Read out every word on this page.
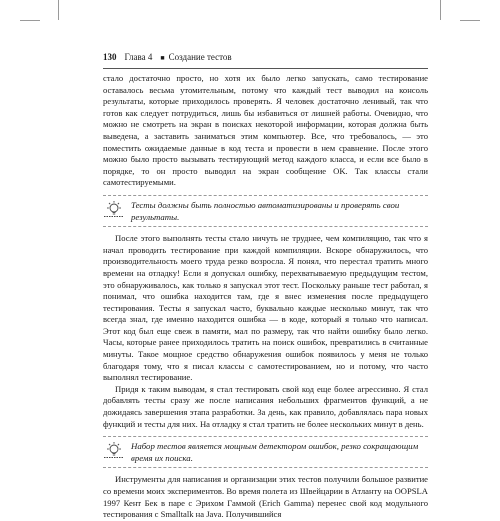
130 Глава 4 ■ Создание тестов

стало достаточно просто, но хотя их было легко запускать, само тестирование оставалось весьма утомительным, потому что каждый тест выводил на консоль результаты, которые приходилось проверять. Я человек достаточно ленивый, так что готов как следует потрудиться, лишь бы избавиться от лишней работы. Очевидно, что можно не смотреть на экран в поисках некоторой информации, которая должна быть выведена, а заставить заниматься этим компьютер. Все, что требовалось, — это поместить ожидаемые данные в код теста и провести в нем сравнение. После этого можно было просто вызывать тестирующий метод каждого класса, и если все было в порядке, то он просто выводил на экран сообщение OK. Так классы стали самотестируемыми.

Тесты должны быть полностью автоматизированы и проверять свои результаты.

После этого выполнять тесты стало ничуть не труднее, чем компиляцию, так что я начал проводить тестирование при каждой компиляции. Вскоре обнаружилось, что производительность моего труда резко возросла. Я понял, что перестал тратить много времени на отладку! Если я допускал ошибку, перехватываемую предыдущим тестом, это обнаруживалось, как только я запускал этот тест. Поскольку раньше тест работал, я понимал, что ошибка находится там, где я внес изменения после предыдущего тестирования. Тесты я запускал часто, буквально каждые несколько минут, так что всегда знал, где именно находится ошибка — в коде, который я только что написал. Этот код был еще свеж в памяти, мал по размеру, так что найти ошибку было легко. Часы, которые ранее приходилось тратить на поиск ошибок, превратились в считанные минуты. Такое мощное средство обнаружения ошибок появилось у меня не только благодаря тому, что я писал классы с самотестированием, но и потому, что часто выполнял тестирование.

Придя к таким выводам, я стал тестировать свой код еще более агрессивно. Я стал добавлять тесты сразу же после написания небольших фрагментов функций, а не дожидаясь завершения этапа разработки. За день, как правило, добавлялась пара новых функций и тесты для них. На отладку я стал тратить не более нескольких минут в день.

Набор тестов является мощным детектором ошибок, резко сокращающим время их поиска.

Инструменты для написания и организации этих тестов получили большое развитие со времени моих экспериментов. Во время полета из Швейцарии в Атланту на OOPSLA 1997 Кент Бек в паре с Эрихом Гаммой (Erich Gamma) перенес свой код модульного тестирования с Smalltalk на Java. Получившийся
